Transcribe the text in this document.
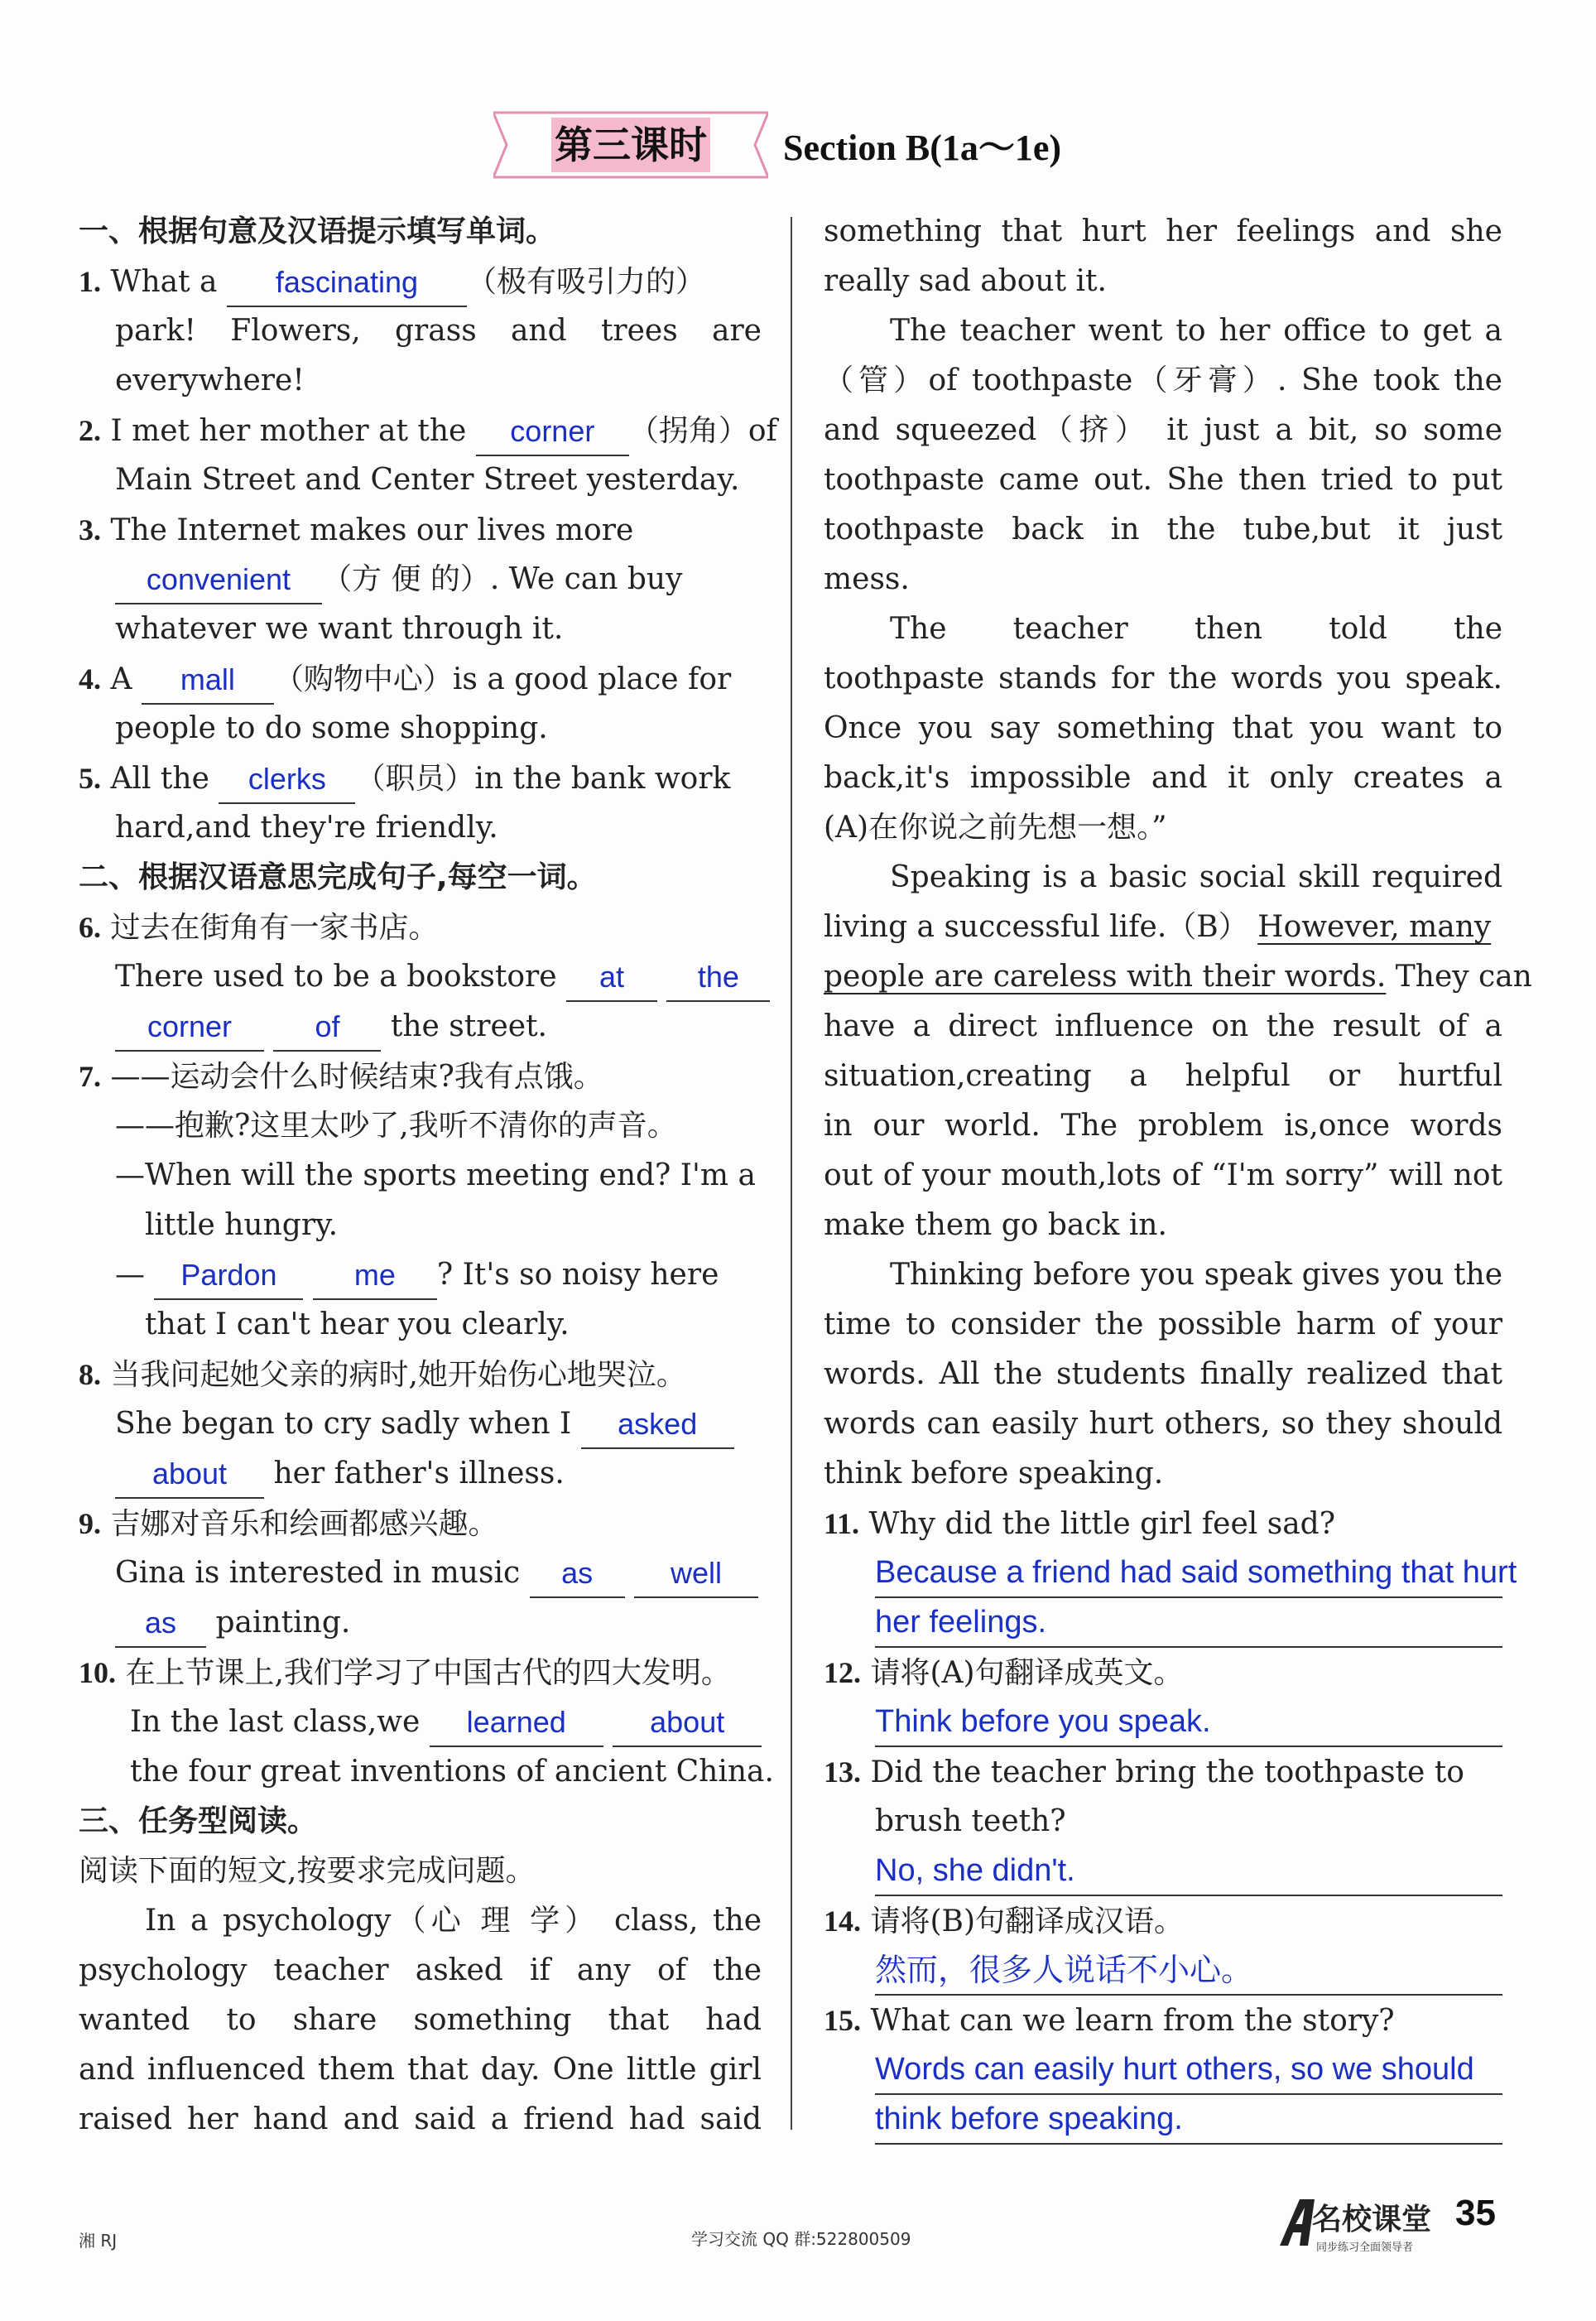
第三课时	Section B(1a～1e)
一、根据句意及汉语提示填写单词。
1. What a fascinating （极有吸引力的）
park! Flowers, grass and trees are
everywhere!
2. I met her mother at the corner （拐角）of
Main Street and Center Street yesterday.
3. The Internet makes our lives more
convenient （方 便 的）. We can buy
whatever we want through it.
4. A mall （购物中心）is a good place for
people to do some shopping.
5. All the clerks （职员）in the bank work
hard,and they're friendly.
二、根据汉语意思完成句子,每空一词。
6. 过去在街角有一家书店。
There used to be a bookstore at the
corner	of the street.
7. ——运动会什么时候结束?我有点饿。
——抱歉?这里太吵了,我听不清你的声音。
—When will the sports meeting end? I'm a
little hungry.
— Pardon	me ? It's so noisy here
that I can't hear you clearly.
8. 当我问起她父亲的病时,她开始伤心地哭泣。
She began to cry sadly when I asked
about her father's illness.
9. 吉娜对音乐和绘画都感兴趣。
Gina is interested in music as	well
as painting.
10. 在上节课上,我们学习了中国古代的四大发明。
In the last class,we learned	about
the four great inventions of ancient China.
三、任务型阅读。
阅读下面的短文,按要求完成问题。
In a psychology（心 理 学） class, the
psychology teacher asked if any of the
wanted to share something that had
and influenced them that day. One little girl
raised her hand and said a friend had said
something that hurt her feelings and she
really sad about it.
The teacher went to her office to get a
（管）of toothpaste（牙膏）. She took the
and squeezed（挤） it just a bit, so some
toothpaste came out. She then tried to put
toothpaste back in the tube,but it just
mess.
The teacher then told the
toothpaste stands for the words you speak.
Once you say something that you want to
back,it's impossible and it only creates a
(A)在你说之前先想一想。”
Speaking is a basic social skill required
living a successful life.（B） However, many
people are careless with their words. They can
have a direct influence on the result of a
situation,creating a helpful or hurtful
in our world. The problem is,once words
out of your mouth,lots of “I'm sorry” will not
make them go back in.
Thinking before you speak gives you the
time to consider the possible harm of your
words. All the students finally realized that
words can easily hurt others, so they should
think before speaking.
11. Why did the little girl feel sad?
Because a friend had said something that hurt
her feelings.
12. 请将(A)句翻译成英文。
Think before you speak.
13. Did the teacher bring the toothpaste to
brush teeth?
No, she didn't.
14. 请将(B)句翻译成汉语。
然而，很多人说话不小心。
15. What can we learn from the story?
Words can easily hurt others, so we should
think before speaking.
湘 RJ	学习交流 QQ 群:522800509
名校课堂
同步练习全面领导者
35
